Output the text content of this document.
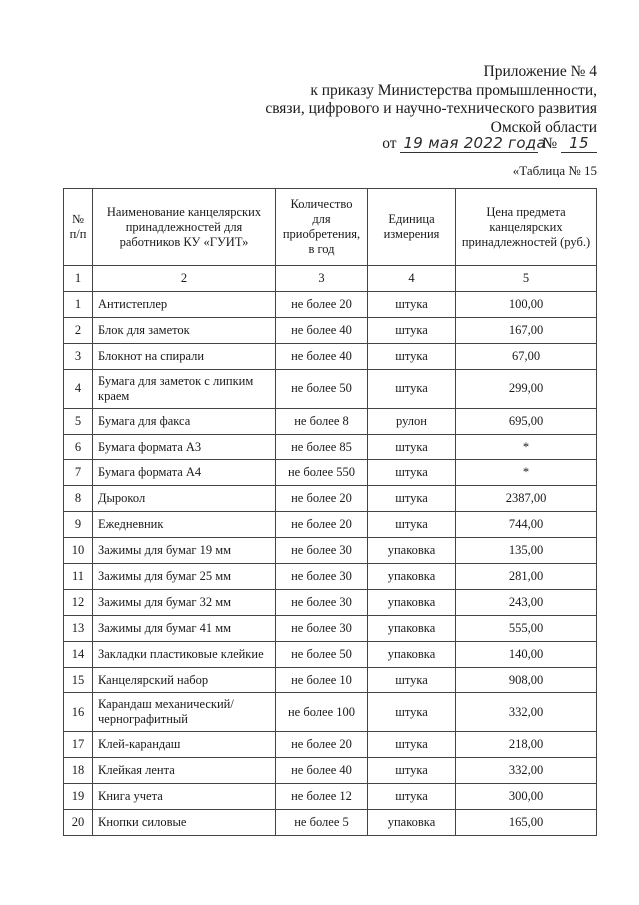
Приложение № 4
к приказу Министерства промышленности,
связи, цифрового и научно-технического развития
Омской области
от 19 мая 2022 года № 15
«Таблица № 15
№ п/п	Наименование канцелярских принадлежностей для работников КУ «ГУИТ»	Количество для приобретения, в год	Единица измерения	Цена предмета канцелярских принадлежностей (руб.)
1	2	3	4	5
1	Антистеплер	не более 20	штука	100,00
2	Блок для заметок	не более 40	штука	167,00
3	Блокнот на спирали	не более 40	штука	67,00
4	Бумага для заметок с липким краем	не более 50	штука	299,00
5	Бумага для факса	не более 8	рулон	695,00
6	Бумага формата А3	не более 85	штука	*
7	Бумага формата А4	не более 550	штука	*
8	Дырокол	не более 20	штука	2387,00
9	Ежедневник	не более 20	штука	744,00
10	Зажимы для бумаг 19 мм	не более 30	упаковка	135,00
11	Зажимы для бумаг 25 мм	не более 30	упаковка	281,00
12	Зажимы для бумаг 32 мм	не более 30	упаковка	243,00
13	Зажимы для бумаг 41 мм	не более 30	упаковка	555,00
14	Закладки пластиковые клейкие	не более 50	упаковка	140,00
15	Канцелярский набор	не более 10	штука	908,00
16	Карандаш механический/чернографитный	не более 100	штука	332,00
17	Клей-карандаш	не более 20	штука	218,00
18	Клейкая лента	не более 40	штука	332,00
19	Книга учета	не более 12	штука	300,00
20	Кнопки силовые	не более 5	упаковка	165,00
